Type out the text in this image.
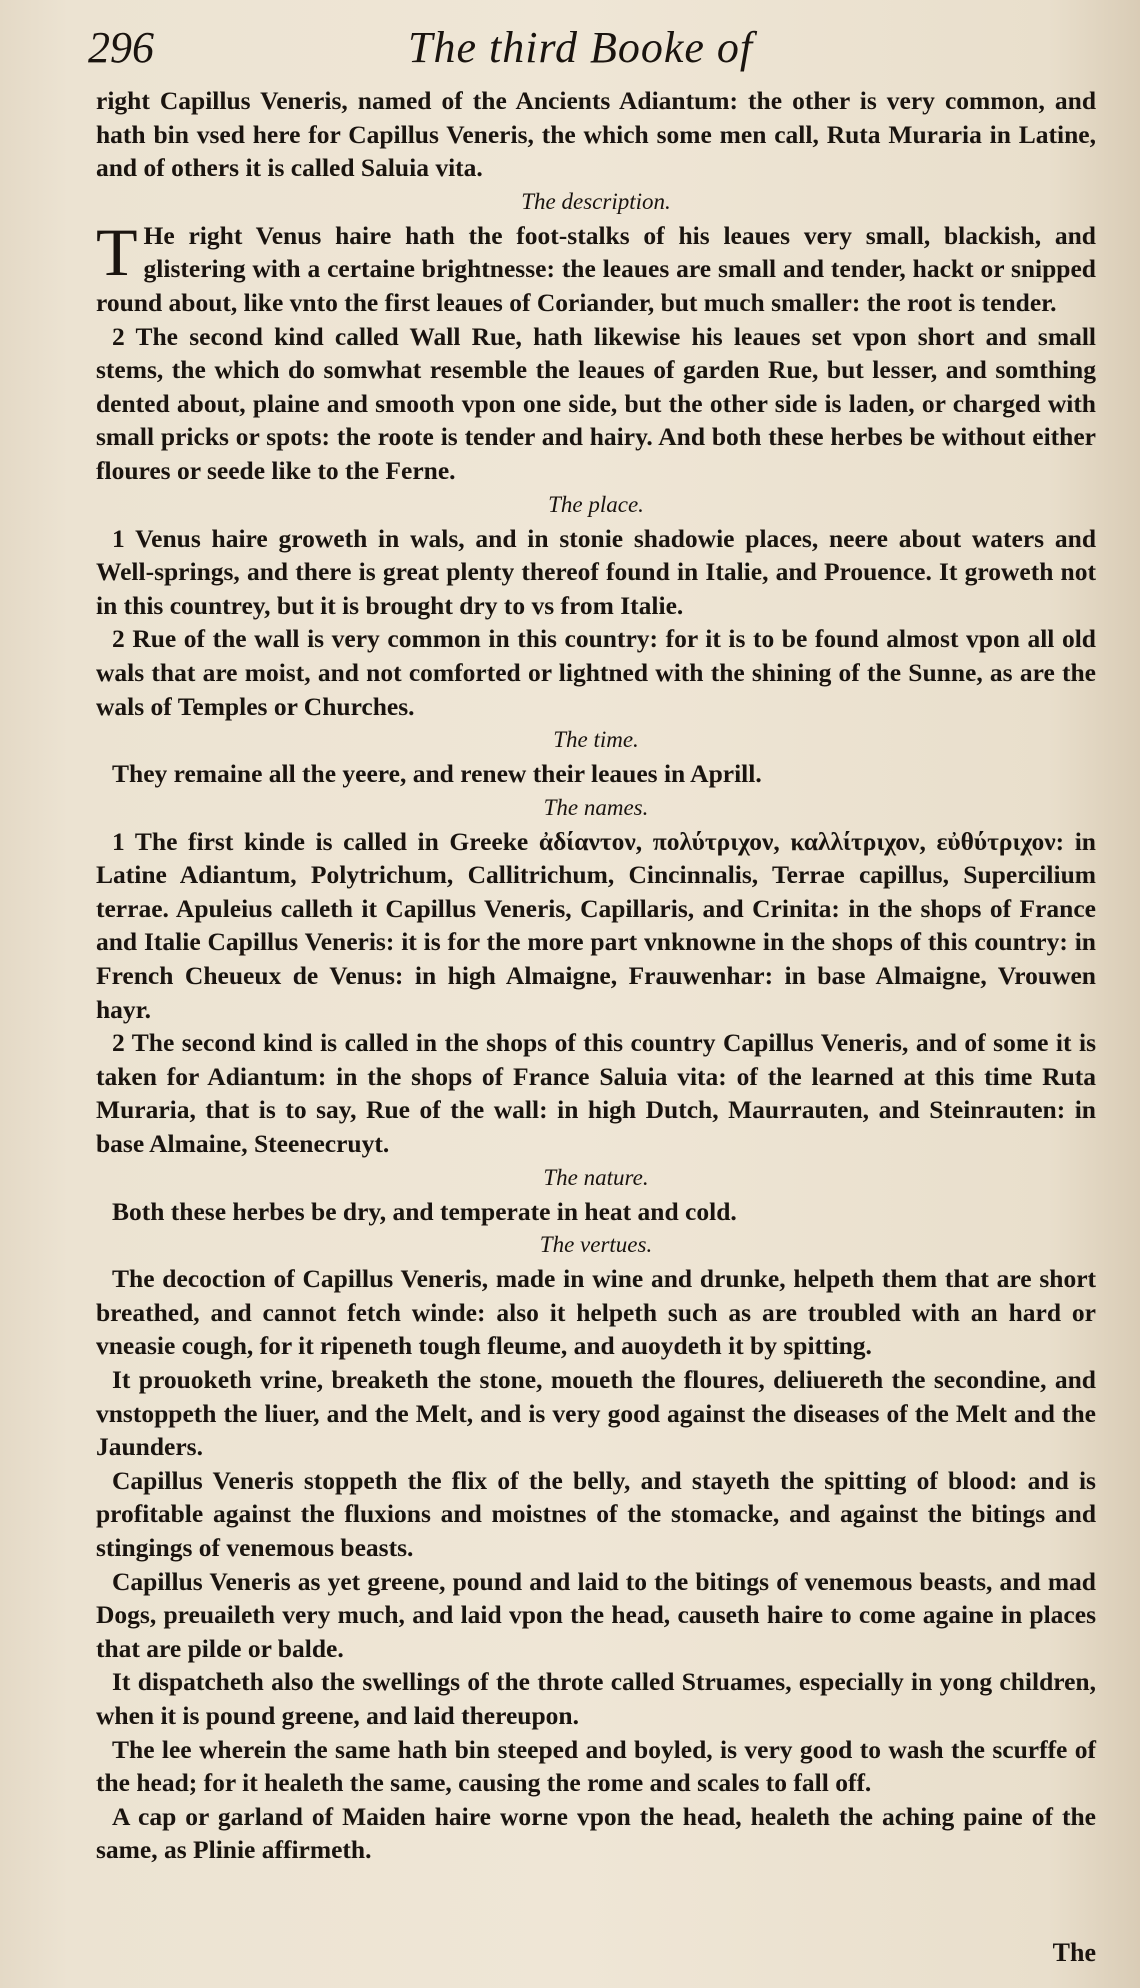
296	The third Booke of

right Capillus Veneris, named of the Ancients Adiantum: the other is very common, and hath bin vsed here for Capillus Veneris, the which some men call, Ruta Muraria in Latine, and of others it is called Saluia vita.

The description.

T He right Venus haire hath the foot-stalks of his leaues very small, blackish, and glistering with a certaine brightnesse: the leaues are small and tender, hackt or snipped round about, like vnto the first leaues of Coriander, but much smaller: the root is tender.

2 The second kind called Wall Rue, hath likewise his leaues set vpon short and small stems, the which do somwhat resemble the leaues of garden Rue, but lesser, and somthing dented about, plaine and smooth vpon one side, but the other side is laden, or charged with small pricks or spots: the roote is tender and hairy. And both these herbes be without either floures or seede like to the Ferne.

The place.

1 Venus haire groweth in wals, and in stonie shadowie places, neere about waters and Well-springs, and there is great plenty thereof found in Italie, and Prouence. It groweth not in this countrey, but it is brought dry to vs from Italie.

2 Rue of the wall is very common in this country: for it is to be found almost vpon all old wals that are moist, and not comforted or lightned with the shining of the Sunne, as are the wals of Temples or Churches.

The time.

They remaine all the yeere, and renew their leaues in Aprill.

The names.

1 The first kinde is called in Greeke ἀδίαντον, πολύτριχον, καλλίτριχον, εὐθύτριχον: in Latine Adiantum, Polytrichum, Callitrichum, Cincinnalis, Terrae capillus, Supercilium terrae. Apuleius calleth it Capillus Veneris, Capillaris, and Crinita: in the shops of France and Italie Capillus Veneris: it is for the more part vnknowne in the shops of this country: in French Cheueux de Venus: in high Almaigne, Frauwenhar: in base Almaigne, Vrouwen hayr.

2 The second kind is called in the shops of this country Capillus Veneris, and of some it is taken for Adiantum: in the shops of France Saluia vita: of the learned at this time Ruta Muraria, that is to say, Rue of the wall: in high Dutch, Maurrauten, and Steinrauten: in base Almaine, Steenecruyt.

The nature.

Both these herbes be dry, and temperate in heat and cold.

The vertues.

The decoction of Capillus Veneris, made in wine and drunke, helpeth them that are short breathed, and cannot fetch winde: also it helpeth such as are troubled with an hard or vneasie cough, for it ripeneth tough fleume, and auoydeth it by spitting.

It prouoketh vrine, breaketh the stone, moueth the floures, deliuereth the secondine, and vnstoppeth the liuer, and the Melt, and is very good against the diseases of the Melt and the Jaunders.

Capillus Veneris stoppeth the flix of the belly, and stayeth the spitting of blood: and is profitable against the fluxions and moistnes of the stomacke, and against the bitings and stingings of venemous beasts.

Capillus Veneris as yet greene, pound and laid to the bitings of venemous beasts, and mad Dogs, preuaileth very much, and laid vpon the head, causeth haire to come againe in places that are pilde or balde.

It dispatcheth also the swellings of the throte called Struames, especially in yong children, when it is pound greene, and laid thereupon.

The lee wherein the same hath bin steeped and boyled, is very good to wash the scurffe of the head; for it healeth the same, causing the rome and scales to fall off.

A cap or garland of Maiden haire worne vpon the head, healeth the aching paine of the same, as Plinie affirmeth.

The
